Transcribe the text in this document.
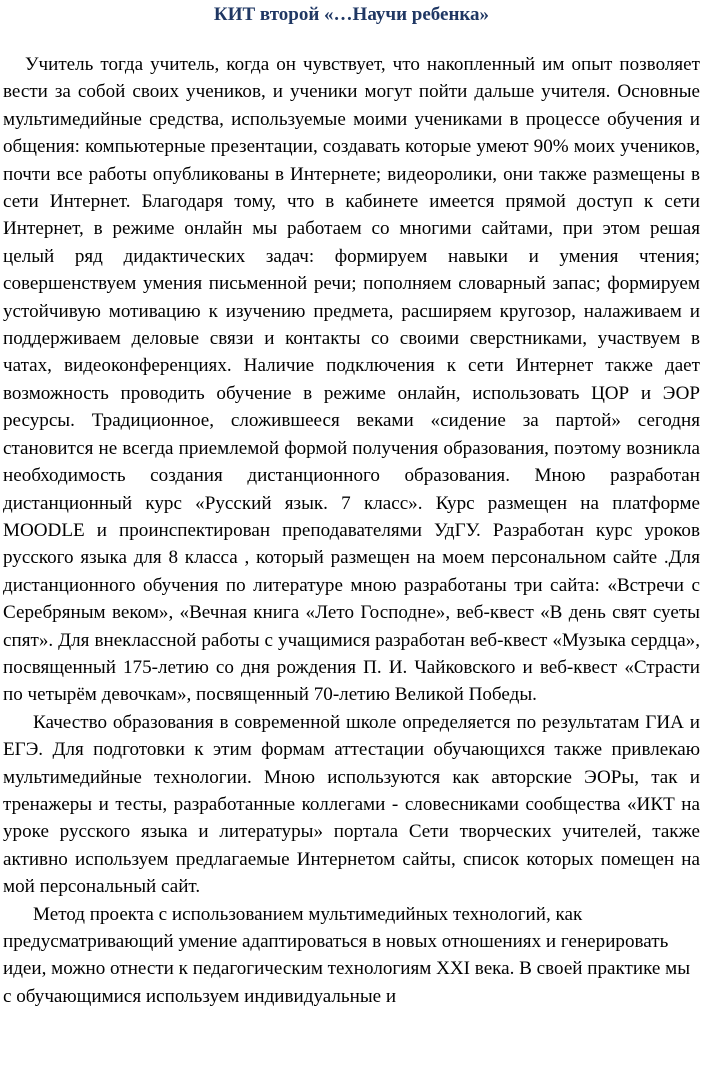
КИТ второй «…Научи ребенка»

Учитель тогда учитель, когда он чувствует, что накопленный им опыт позволяет вести за собой своих учеников, и ученики могут пойти дальше учителя. Основные мультимедийные средства, используемые моими учениками в процессе обучения и общения: компьютерные презентации, создавать которые умеют 90% моих учеников, почти все работы опубликованы в Интернете; видеоролики, они также размещены в сети Интернет. Благодаря тому, что в кабинете имеется прямой доступ к сети Интернет, в режиме онлайн мы работаем со многими сайтами, при этом решая целый ряд дидактических задач: формируем навыки и умения чтения; совершенствуем умения письменной речи; пополняем словарный запас; формируем устойчивую мотивацию к изучению предмета, расширяем кругозор, налаживаем и поддерживаем деловые связи и контакты со своими сверстниками, участвуем в чатах, видеоконференциях. Наличие подключения к сети Интернет также дает возможность проводить обучение в режиме онлайн, использовать ЦОР и ЭОР ресурсы. Традиционное, сложившееся веками «сидение за партой» сегодня становится не всегда приемлемой формой получения образования, поэтому возникла необходимость создания дистанционного образования. Мною разработан дистанционный курс «Русский язык. 7 класс». Курс размещен на платформе MOODLE и проинспектирован преподавателями УдГУ. Разработан курс уроков русского языка для 8 класса , который размещен на моем персональном сайте .Для дистанционного обучения по литературе мною разработаны три сайта: «Встречи с Серебряным веком», «Вечная книга «Лето Господне», веб-квест «В день свят суеты спят». Для внеклассной работы с учащимися разработан веб-квест «Музыка сердца», посвященный 175-летию со дня рождения П. И. Чайковского и веб-квест «Страсти по четырём девочкам», посвященный 70-летию Великой Победы.

Качество образования в современной школе определяется по результатам ГИА и ЕГЭ. Для подготовки к этим формам аттестации обучающихся также привлекаю мультимедийные технологии. Мною используются как авторские ЭОРы, так и тренажеры и тесты, разработанные коллегами - словесниками сообщества «ИКТ на уроке русского языка и литературы» портала Сети творческих учителей, также активно используем предлагаемые Интернетом сайты, список которых помещен на мой персональный сайт.

Метод проекта с использованием мультимедийных технологий, как предусматривающий умение адаптироваться в новых отношениях и генерировать идеи, можно отнести к педагогическим технологиям XXI века. В своей практике мы с обучающимися используем индивидуальные и
